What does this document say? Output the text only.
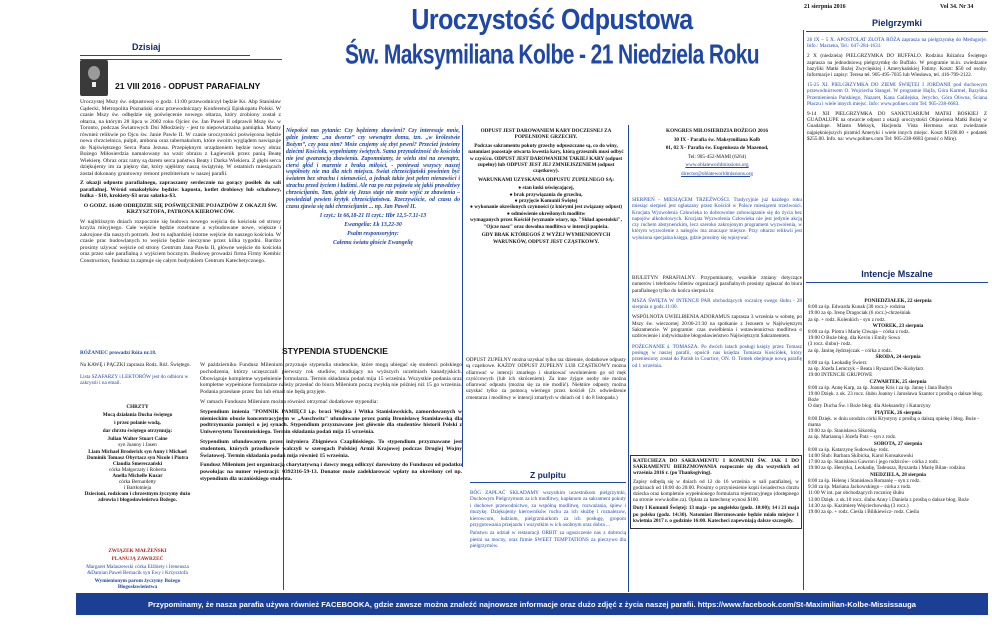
Dzisiaj
Uroczystość Odpustowa
Św. Maksymiliana Kolbe - 21 Niedziela Roku
21 sierpnia 2016	Vol 34. Nr 34
Pielgrzymki
21 VIII 2016 - ODPUST PARAFIALNY

Uroczystej Mszy św. odpustowej o godz. 11:00 przewodniczył będzie Ks. Abp Stanisław Gądecki, Metropolita Poznański oraz przewodniczący Konferencji Episkopatu Polski. W czasie Mszy św. odbędzie się poświęcenie nowego ołtarza, który zrobiony został z ołtarza, na którym 28 lipca w 2002 roku Ojciec św. Jan Paweł II odprawił Mszę św. w Toronto, podczas Światowych Dni Młodzieży - jest to niepowtarzalna pamiątka. Mamy również relikwie po Ojcu św. Janie Pawle II. W czasie uroczystości poświęcona będzie nowa chrzcielnica, pulpit, ambona oraz tabernakulum, które swoim wyglądem nawiązuje do Najświętszego Serca Pana Jezusa. Przepięknym urządzeniem będzie nowy obraz Bożego Miłosierdzia namalowany na wzór obrazu z Łagiewnik przez panią Beatę Wiekierę. Obraz oraz ramy są darem serca państwa Beaty i Darka Wiekiera. Z głębi serca dziękujemy im za piękny dar, który ujęłiśmy naszą świątynię. W ostatnich miesiącach został dokonany gruntowny remont prezbiterium w naszej parafii.

Z okazji odpustu parafialnego, zapraszamy serdecznie na gorący posiłek do sali parafialnej. Wśród smakołyków będzie: kapusta, kotlet drobiowy lub schabowy, bulka - $10, krokiety-$3 oraz sałatka-$3.

O GODZ. 16:00 ODBĘDZIE SIĘ POŚWIĘCENIE POJAZDÓW Z OKAZJI ŚW. KRZYSZTOFA, PATRONA KIEROWCÓW.

W najbliższym dniach rozpocznie się budowa nowego wejścia do kościoła od strony krzyża misyjnego. Całe wejście będzie rozebrane a wybudowane nowe, większe i zakrojone dla naszych potrzeb. Jest to najbardziej istotne wejście do naszego kościoła. W czasie prac budowlanych to wejście będzie nieczynne przez kilka tygodni. Bardzo prosimy używać wejście od strony Centrum Jana Pawła II, główne wejście do kościoła oraz przez sale parafialną z wyjściem bocznym. Budowę prowadzi firma Firmy Kembic Construction, fundusz ta zajmuje się całym budynkiem Centrum Katechetycznego.

RÓŻANIEC prowadzi Róża nr.18.

Na KAWĘ i PĄCZKI zaprasza Rodz. Róż. Świętego.

Lista SZAFARZY i LEKTORÓW jest do odbioru w zakrystii i na email.

CHRZTY

Mocą działania Ducha świętego

i przez polanie wodą,

dar chrztu świętego otrzymują:

Julian Walter Stuart Caine
syn Joanny i Jasen
Liam Michael Broderick syn Anny i Michael
Dominik Tomasz Obyrtacz syn Nicole i Piotra
Claudia Smereczański
córka Małgorzaty i Roberta
Anella Michelle Kuzar
córka Bernardetty
i Bartłomieja

Dziecioni, rodzicom i chrzestnym życzymy dużo zdrowia i błogosławieństwa Bożego.

ZWIĄZEK MAŁŻEŃSKI

PLANUJĄ ZAWRZEĆ

Margaret Malaszewski córka Elżbiety i Ireneusza &Damian Paweł Bernacik syn Ewy i Krzysztofa

Wymienionym parom życzymy Bożego Błogosławieństwa

Niepokoi nas pytanie: Czy będziemy zbawieni? Czy interesuje mnie, gdzie jestem: „na dworze” czy wewnątrz domu, tzn. „w królestwie Bożym”, czy poza nim? Może czujemy się zbyt pewni? Przecież jesteśmy dziećmi Kościoła, wypełniamy świętych. Sama przynależność do kościoła nie jest gwarancją zbawienia. Zapomniamy, że wielu stoi na zewnątrz, ciersi głód i marznie z braku miłości, - ponieważ wszyscy naszej współnoty nie ma dla nich miejsca. Świat chrześcijański powinien być światem bez strachu i nienawiści, a jednak także jest pełen nienawiści i strachu przed życiem i ludźmi. Ale raz po raz pojawia się jakiś prawdziwy chrześcijanin. Tam, gdzie się Jezus staje nie może wyjść ze zbawienia – powiedział pewien krytyk chrześcijaństwa. Rzeczywiście, od czasu do czasu zjawia się taki chrześcijanin ... np. Jan Paweł II.

I czyt.: Iz 66,18-21 II czyt.: Hbr 12,5-7.11-13

Ewangelia: Łk 13,22-30

Psalm responsoryjny:

Całemu światu głoście Ewangelię

STYPENDIA STUDENCKIE

W październiku Fundusz Milenium przyznaje stypendia studenckie, które mogą ubiegać się studenci polskiego pochodzenia, którzy uczęszczali pierwszy rok studiów, studiujący na wyższych uczelniach kanadyjskich. Obowiązuje kompletne wypełnienie formularza. Termin składania podań mija 15 września. Wszystkie podania oraz kompletne wypełnione formularze należy przesłać do biura Milenium począ zwykłą nie później niż 15 go września. Podania przesłane przez fax lub email nie będą przyjęte.

W ramach Funduszu Milenium można również otrzymać dodatkowe stypendia:

Stypendium imienia "POMNIK PAMIĘCI i.p. braci Wojtka i Witka Stanisławskich, zamordowanych w niemieckim obozie koncentracyjnym w „Auschwitz" ufundowane przez panią Bronisławę Stanisławską dla podtrzymania pamięci o jej synach. Stypendium przyznawane jest głównie dla studentów historii Polski z Uniwersytetu Torontońskiego. Termin składania podań mija 15 września.

Stypendium ufundowanym przez inżyniera Zbigniewa Czaplińskiego. To stypendium przyznawane jest studentom, których przodkowie walczyli w szeregach Polskiej Armii Krajowej podczas Drugiej Wojny Światowej. Termin składania podań mija również 15 września.

Fundusz Milenium jest organizacją charytatywną i dawcy mogą odliczyć darowizny do Funduszu od podatku powołując na numer rejestracji: 0392316-59-13. Donator może zadeklarować wpłaty na określony cel np. stypendium dla ucznióskiego studenta.

ODPUST JEST DAROWANIEM KARY DOCZESNEJ ZA POPEŁNIONE GRZECHY.

Podczas sakramentu pokuty grzechy odpuszczane są, co do winy, natomiast pozostaje otwarta kwestia kary, którą grzesznik musi odbyć w czyśćcu. ODPUST JEST DAROWANIEM TAKIEJ KARY (odpust zupełny) lub ODPUST JEST JEJ ZMNIEJSZENIEM (odpust cząstkowy).

WARUNKAMI UZYSKANIA ODPUSTU ZUPEŁNEGO SĄ:

● stan łaski uświęcającej,
● brak przywiązania do grzechu,
● przyjęcie Komunii Świętej
● wykonanie określonych czynności (z którymi jest związany odpust)
● odmówienie określonych modlitw

wymaganych przez Kościół (wyznanie wiary, np. "Skład apostolski", "Ojcze nasz" oraz dowolna modlitwa w intencji papieża.

GDY BRAK KTÓREGOŚ Z WYŻEJ WYMIENIONYCH WARUNKÓW, ODPUST JEST CZĄSTKOWY.

ODPUST ZUPEŁNY można uzyskać tylko raz dziennie, dodatkowe odpusty są cząstkowe. KAŻDY ODPUST ZUPEŁNY LUB CZĄSTKOWY można ofiarować w intencji zmarłego i skutkować uwolnieniem go od męk czyśćcowych (lub ich skróceniem). Za inne żyjące osoby nie można ofiarować odpustu (można się za nie modlić). Niektóre odpusty można uzyskać tylko za pomocą wiernego przez kościół (2x odwiedzenie cmentarza i modlitwy w intencji zmarłych w dniach od 1 do 8 listopada.)

Z pulpitu

BÓG ZAPŁAĆ SKŁADAMY wszystkim uczestnikom pielgrzymki, Duchowym Pielgrzymom za ich modlitwy, kapłanom za sakrament pokuty i duchowe przewodnictwo, za wspólną modlitwę, rozważania, śpiew i muzykę. Dziękujemy kierowników ruchu za ich służbę i roznalezow, kierowcom, ludziom, pielgrzmiarkom za ich posługę, gropom przygotowania przejazdu i wszystkim w ich osobnym oraz dobra ...

Państwu za udział w restauracji ORBIT za ugoszczenie nas z dobrocią pieśni na mocny, oraz firmie SWEET TEMPTATIONS za pieczywo dla pielgrzymów.

KONGRES MIŁOSIERDZIA BOŻEGO 2016

30 IX - Parafia św. Maksymiliana Kolb

01, 02 X– Parafia św. Eugeniusza de Mazenod,

Tel: 905-452-MAMI (6264)

www.oblateworldmissions.org

director@oblateworldmissions.org

SIERPIEŃ - MIESIĄCEM TRZEŹWOŚCI. Tradycyjnie już każdego roku miesiąc sierpień jest ogłaszany przez Kościół w Polsce miesiącem trzeźwości. Krucjata Wyzwolenia Człowieka to dobrowolne zobowiązanie się do życia bez napojów alkoholowych. Krucjata Wyzwolenia Człowieka nie jest jedynie akcją czy ruchem abstynenckim, lecz szeroko zakrojonym programem wyzwolenia, w którym wyzwolenie z nałogów ma znaczące miejsce. Przy ołtarzu relikwii jest wyłożona specjalna księga, gdzie prosimy się wpisywać.

BIULETYN PARAFIALNY. Przypominamy, wszelkie zmiany dotyczące numerów i telefonów biletów organizacji parafialnych prosimy zgłaszać do biura parafialnego tylko do końca sierpnia br.

MSZA ŚWIĘTA W INTENCJI PAR obchodzących rocznicę swego ślubu - 28 sierpnia o godz.11:00.

WSPÓLNOTA UWIELBIENIA ADORAMUS zaprasza 3 września w sobotę, po Mszy św. wieczornej 20:00-21:30 na spotkanie z Jezusem w Najświętszym Sakramencie. W programie: czas uwielbienia i wstawiennictwa modlitwa o uzdrowienie i indywidualne błogosławieństwo Najświętszym Sakramentem.

POŻEGNANIE ś. TOMASZA. Po dwóch latach posługi księży przez Tomasz posługę w naszej parafii, opuścił nas księdza Tomasza Kościółek, który przeniesiony został do Parish in Courtice, ON. O. Tomek obejmuje nową parafię od 1 września.

KATECHEZA DO SAKRAMENTU I KOMUNII ŚW. JAK I DO SAKRAMENTU BIERZMOWANIA rozpocznie się dla wszystkich od września 2016 r. (po Thanksgiving).

Zapisy odbędą się w dniach od 12 do 16 września w sali parafialnej, w godzinach od 18:00 do 20:00. Prosimy o przyniesienie kopii świadectwa chrztu dziecka oraz kompletnie wypełnionego formularza rejestracyjnego (dostępnego na stronie www.kolbe.ca). Opłata za katechezę wynosi $100.

Duty I Komunii Świętej: 13 maja - po angielsku (godz. 10:00); 14 i 21 maja po polsku (godz. 14:30). Natomiast Bierzmowanie będzie miało miejsce 1 kwietnia 2017 r. o godzinie 16:00. Katecheci zapewniają dalsze szczegóły.

26 IX – 5 X. APOSTOLAT ZŁOTA RÓŻA zaprasza na pielgrzymkę do Medugorje. Info.: Marzena, Tel.: 647-284-1631.

2 X (niedziela) PIELGRZYMKA DO BUFFALO. Rodzina Różańca Świętego zaprasza na jednodniową pielgrzymkę do Buffalo. W programie m.in. zwiedzanie bazyliki Matki Bożej Zwycięskiej i Amerykańskiej Fatimy. Koszt: $50 od osoby. Informacje i zapisy: Teresa tel. 905-495-7035 lub Wiesława, tel. 416-799-2122.

15-25 XI. PIELGRZYMKA DO ZIEMI ŚWIĘTEJ I JORDANII pod duchowym przewodnictwem O. Wojciecha Stangel. W programie Hajfa, Góra Karmel, Bazylika Przemienienia Pańskiego, Nazaret, Kana Galilejska, Jerycho, Góra Oliwna, Ściana Płaczu i wiele innych miejsc. Info: www.polinex.com Tel: 905-238-6683.

9-14 XII PIELGRZYMKA DO SANKTUARIUM MATKI BOSKIEJ Z GUADALUPE na otwarcie odpust z okazji uroczystości Objawienia Matki Bożej w Guadalupe. Miasto Meksyk, Hacjenda Vista Hermosa oraz zwiedzanie najpiękniejszych piramid Ameryki i wiele innych miejsc. Koszt $1598.00 + podatek $255.00. Info. na: www.polinex.com Tel: 905-238-6683 (prosić o Mirę).

Intencje Mszalne
PONIEDZIAŁEK, 22 sierpnia
8:00 za śp. Edwarda Kunak (30 rocz.)- rodzina
19:00 za śp. Irenę Dragociak (6 rocz.)-chrześniak
za śp. + rodz. Kolenkich - syn z rodz.
WTOREK, 23 sierpnia
8:00 za śp. Piotra i Marię Chwaja – córka z rodz.
19:00 O Boże błog. dla Kevin i Emily Sowa
(3 rocz. ślubu)- rodz.
za śp. Janinę Jędrzejczak – córka z rodz.
ŚRODA, 24 sierpnia
8:00 za śp. Leokadię Świerz
za śp. Józefa Lemczyk – Beata i Ryszard Dec-Kobylarz
19:00 INTENCJE GRUPOWE
CZWARTEK, 25 sierpnia
8:00 za śp. Annę Karp, za śp. Joannę Kris i za śp. Jannę i Jana Budyn
19:00 Dzięk. z ok. 23 rocz. ślubu Joanny i Jarosława Szantor z prośbą o dalsze błog. Boże
O dary Ducha Św. i Boże błog. dla Aleksandry i Katarzyny
PIĄTEK, 26 sierpnia
8:00 Dzięk. w dniu urodzin córki Krystyny z prośbą o dalszą opiekę i błog. Boże - mama
19:00 za śp. Stanisława Sikorską
za śp. Marianną i Józefa Patz – syn z rodz.
SOBOTA, 27 sierpnia
8:00 za śp. Katarzynę Sudowską- rodz.
14:00 Ślub: Barbara Skibicka, Karol Konsakowski
17:00 za śp. Stanisława Gawron i jego rodziców– córka z rodz.
19:00 za śp. Henryka, Leokadię, Tadeusza, Ryszarda i Marię Bilan- rodzina
NIEDZIELA, 28 sierpnia
8:00 za śp. Helenę i Stanisława Romanię – syn z rodz.
9:30 za śp. Mariana Jackowskiego – córka z rodz.
11:00 W int. par obchodzących rocznicę ślubu
13:00 Dzięk. z ok.10 rocz. ślubu Anny i Daniela z prośbą o dalsze błog. Boże
14:30 za śp. Kazimierę Wojciechowską (3 rocz.)
19:00 za śp. + rodz. Cieśla i Bilikiewicz- rodz. Cieśla
Przypominamy, że nasza parafia używa również FACEBOOKA, gdzie zawsze można znaleźć najnowsze informacje oraz dużo zdjęć z życia naszej parafii. https://www.facebook.com/St-Maximilian-Kolbe-Mississauga
